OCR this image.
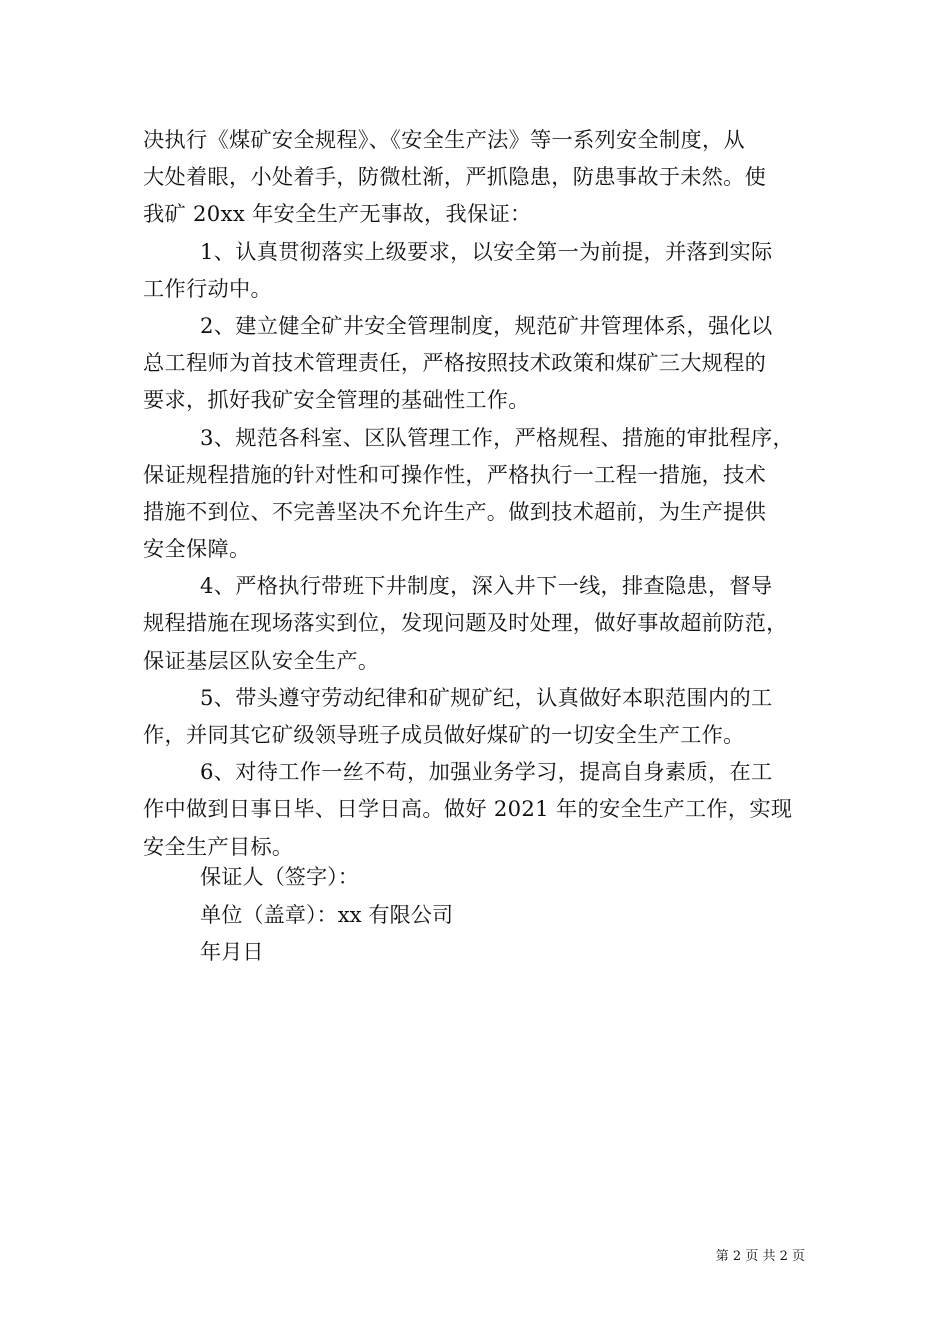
决执行《煤矿安全规程》、《安全生产法》等一系列安全制度，从
大处着眼，小处着手，防微杜渐，严抓隐患，防患事故于未然。使
我矿 20xx 年安全生产无事故，我保证：
1、认真贯彻落实上级要求，以安全第一为前提，并落到实际
工作行动中。
2、建立健全矿井安全管理制度，规范矿井管理体系，强化以
总工程师为首技术管理责任，严格按照技术政策和煤矿三大规程的
要求，抓好我矿安全管理的基础性工作。
3、规范各科室、区队管理工作，严格规程、措施的审批程序，
保证规程措施的针对性和可操作性，严格执行一工程一措施，技术
措施不到位、不完善坚决不允许生产。做到技术超前，为生产提供
安全保障。
4、严格执行带班下井制度，深入井下一线，排查隐患，督导
规程措施在现场落实到位，发现问题及时处理，做好事故超前防范，
保证基层区队安全生产。
5、带头遵守劳动纪律和矿规矿纪，认真做好本职范围内的工
作，并同其它矿级领导班子成员做好煤矿的一切安全生产工作。
6、对待工作一丝不苟，加强业务学习，提高自身素质，在工
作中做到日事日毕、日学日高。做好 2021 年的安全生产工作，实现
安全生产目标。
保证人（签字）：
单位（盖章）：xx 有限公司
年月日
第 2 页 共 2 页
